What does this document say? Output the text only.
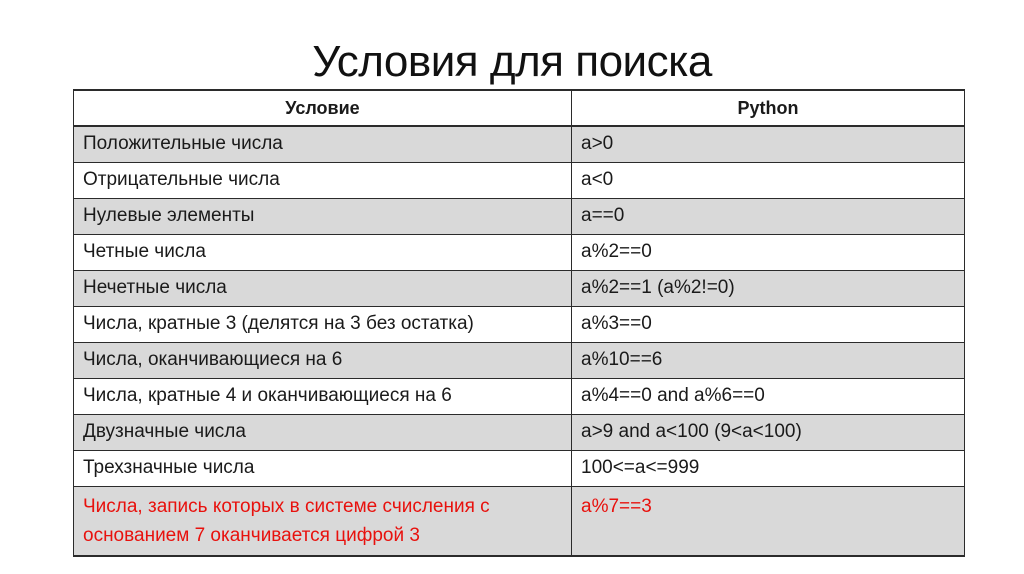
Условия для поиска
Условие	Python
Положительные числа	a>0
Отрицательные числа	a<0
Нулевые элементы	a==0
Четные числа	a%2==0
Нечетные числа	a%2==1 (a%2!=0)
Числа, кратные 3 (делятся на 3 без остатка)	a%3==0
Числа, оканчивающиеся на 6	a%10==6
Числа, кратные 4 и оканчивающиеся на 6	a%4==0 and a%6==0
Двузначные числа	a>9 and a<100 (9<a<100)
Трехзначные числа	100<=a<=999
Числа, запись которых в системе счисления с основанием 7 оканчивается цифрой 3	a%7==3
